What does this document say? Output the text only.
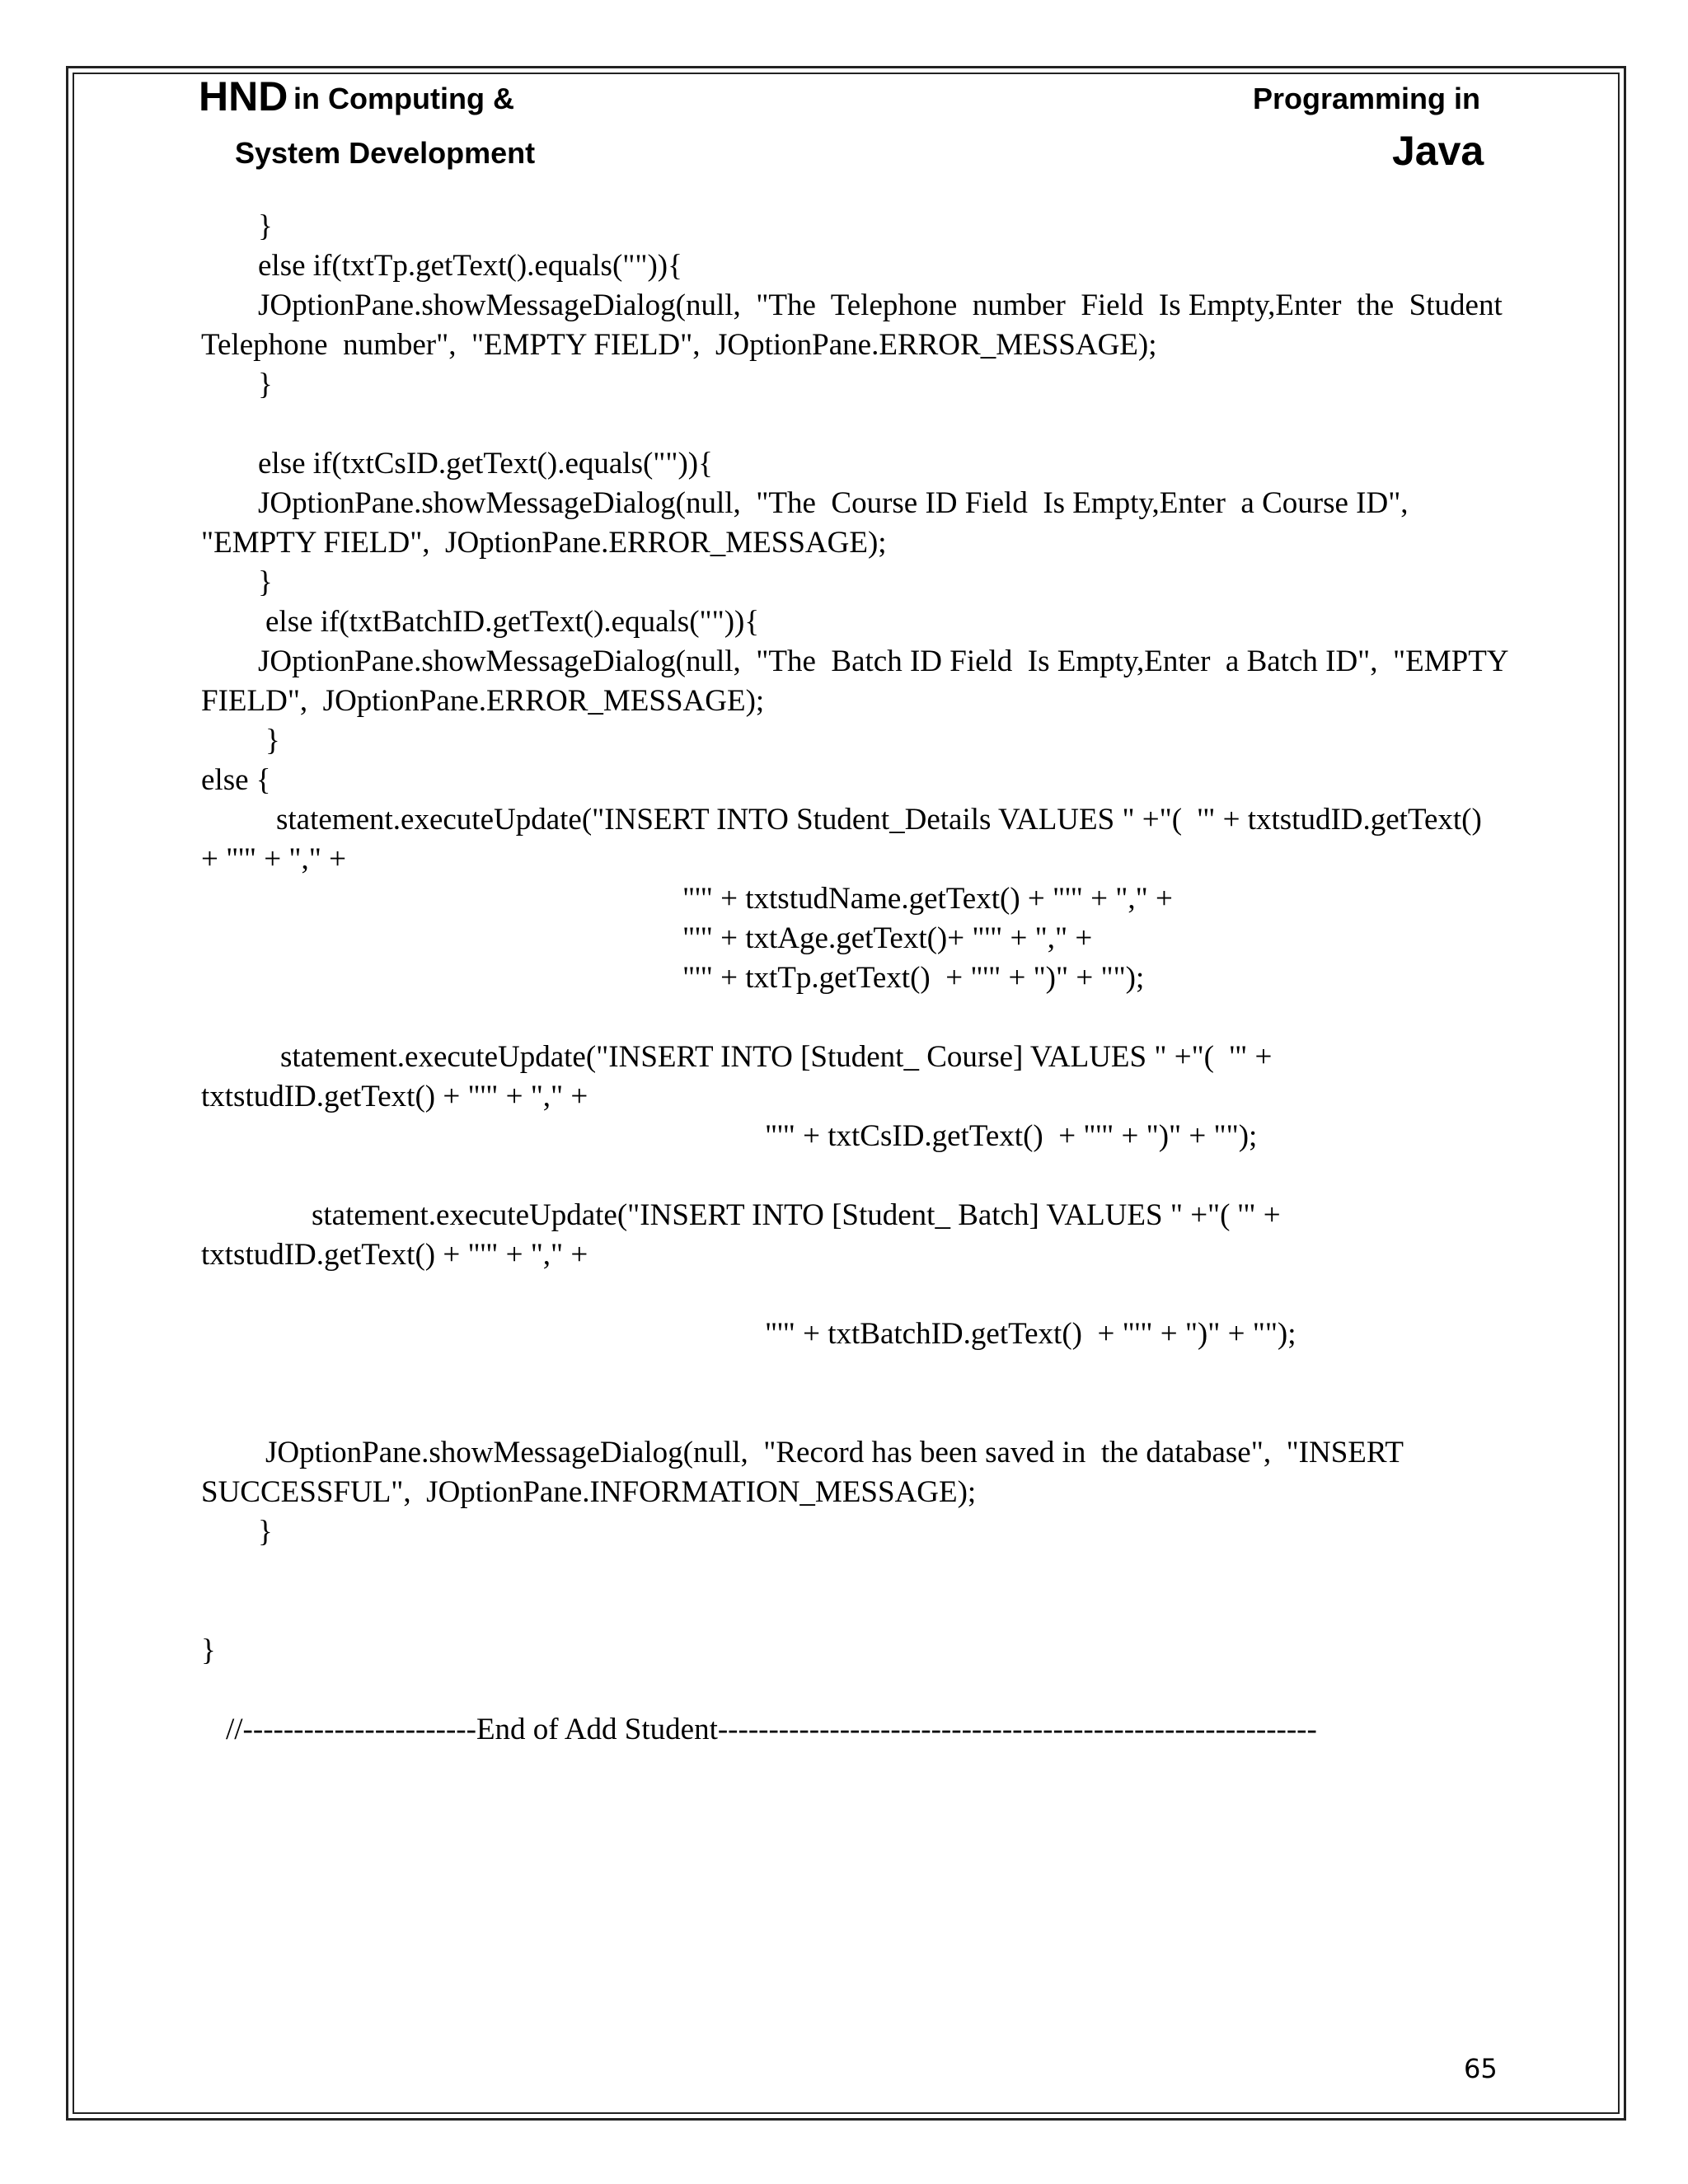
HND in Computing &
System Development
Programming in
Java
}
else if(txtTp.getText().equals("")){
JOptionPane.showMessageDialog(null,  "The  Telephone  number  Field  Is Empty,Enter  the  Student
Telephone  number",  "EMPTY FIELD",  JOptionPane.ERROR_MESSAGE);
}
else if(txtCsID.getText().equals("")){
JOptionPane.showMessageDialog(null,  "The  Course ID Field  Is Empty,Enter  a Course ID",
"EMPTY FIELD",  JOptionPane.ERROR_MESSAGE);
}
else if(txtBatchID.getText().equals("")){
JOptionPane.showMessageDialog(null,  "The  Batch ID Field  Is Empty,Enter  a Batch ID",  "EMPTY
FIELD",  JOptionPane.ERROR_MESSAGE);
}
else {
statement.executeUpdate("INSERT INTO Student_Details VALUES " +"(  '" + txtstudID.getText()
+ "'" + "," +
"'" + txtstudName.getText() + "'" + "," +
"'" + txtAge.getText()+ "'" + "," +
"'" + txtTp.getText()  + "'" + ")" + "");
statement.executeUpdate("INSERT INTO [Student_ Course] VALUES " +"(  '" +
txtstudID.getText() + "'" + "," +
"'" + txtCsID.getText()  + "'" + ")" + "");
statement.executeUpdate("INSERT INTO [Student_ Batch] VALUES " +"( '" +
txtstudID.getText() + "'" + "," +
"'" + txtBatchID.getText()  + "'" + ")" + "");
JOptionPane.showMessageDialog(null,  "Record has been saved in  the database",  "INSERT
SUCCESSFUL",  JOptionPane.INFORMATION_MESSAGE);
}
}
//-----------------------End of Add Student-----------------------------------------------------------
65
